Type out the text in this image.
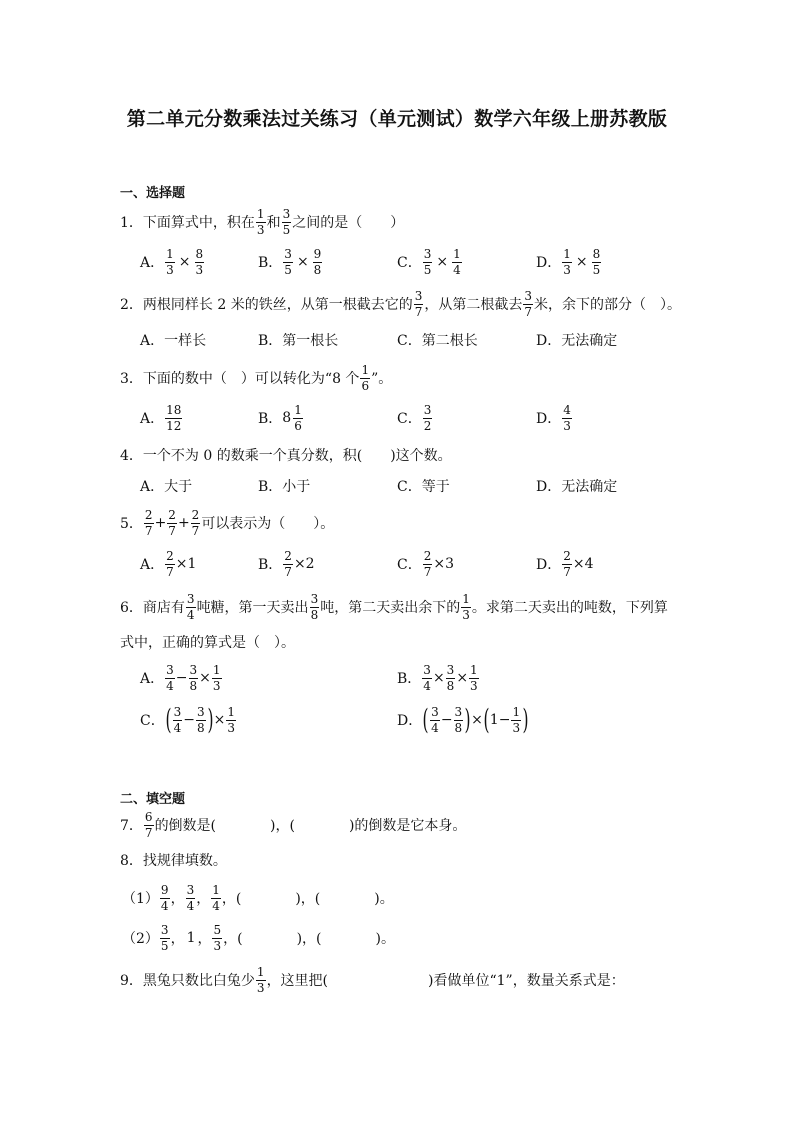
第二单元分数乘法过关练习（单元测试）数学六年级上册苏教版
一、选择题
1． 下面算式中，积在 $\frac{1}{3}$ 和 $\frac{3}{5}$ 之间的是（　　）
A． $\frac{1}{3} \times \frac{8}{3}$	B． $\frac{3}{5} \times \frac{9}{8}$	C． $\frac{3}{5} \times \frac{1}{4}$	D． $\frac{1}{3} \times \frac{8}{5}$
2． 两根同样长 2 米的铁丝，从第一根截去它的 $\frac{3}{7}$ ，从第二根截去 $\frac{3}{7}$ 米，余下的部分（　）。
A．一样长	B．第一根长	C．第二根长	D．无法确定
3． 下面的数中（　）可以转化为“8 个 $\frac{1}{6}$ ”。
A． $\frac{18}{12}$	B． $8 \frac{1}{6}$	C． $\frac{3}{2}$	D． $\frac{4}{3}$
4． 一个不为 0 的数乘一个真分数，积(　　)这个数。
A．大于	B．小于	C．等于	D．无法确定
5． $\frac{2}{7} + \frac{2}{7} + \frac{2}{7}$ 可以表示为（　　）。
A． $\frac{2}{7} \times 1$	B． $\frac{2}{7} \times 2$	C． $\frac{2}{7} \times 3$	D． $\frac{2}{7} \times 4$
6． 商店有 $\frac{3}{4}$ 吨糖，第一天卖出 $\frac{3}{8}$ 吨，第二天卖出余下的 $\frac{1}{3}$ 。求第二天卖出的吨数，下列算
式中，正确的算式是（　）。
A． $\frac{3}{4} - \frac{3}{8} \times \frac{1}{3}$	B． $\frac{3}{4} \times \frac{3}{8} \times \frac{1}{3}$
C． ( $\frac{3}{4} - \frac{3}{8}$ ) × $\frac{1}{3}$	D． ( $\frac{3}{4} - \frac{3}{8}$ ) × ( $1 - \frac{1}{3}$ )
二、填空题
7． $\frac{6}{7}$ 的倒数是(	)，(	)的倒数是它本身。
8． 找规律填数。
$(1) \frac{9}{4}$ ， $\frac{3}{4}$ ， $\frac{1}{4}$ ，(	)，(	)。
$(2) \frac{3}{5}$ ， 1 ， $\frac{5}{3}$ ，(	)，(	)。
9． 黑兔只数比白兔少 $\frac{1}{3}$ ，这里把(	)看做单位“1”，数量关系式是：
